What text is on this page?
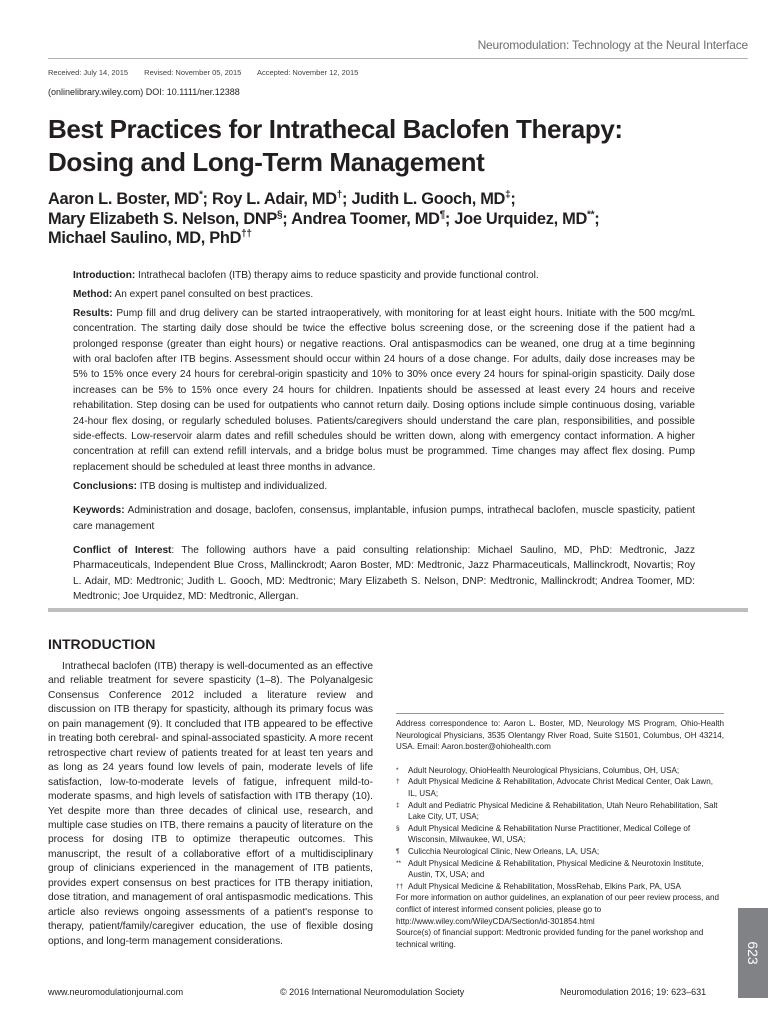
Neuromodulation: Technology at the Neural Interface
Received: July 14, 2015 Revised: November 05, 2015 Accepted: November 12, 2015
(onlinelibrary.wiley.com) DOI: 10.1111/ner.12388
Best Practices for Intrathecal Baclofen Therapy:
Dosing and Long-Term Management

Aaron L. Boster, MD*; Roy L. Adair, MD†; Judith L. Gooch, MD‡;
Mary Elizabeth S. Nelson, DNP§; Andrea Toomer, MD¶; Joe Urquidez, MD**;
Michael Saulino, MD, PhD††

Introduction: Intrathecal baclofen (ITB) therapy aims to reduce spasticity and provide functional control.

Method: An expert panel consulted on best practices.

Results: Pump fill and drug delivery can be started intraoperatively, with monitoring for at least eight hours. Initiate with the 500 mcg/mL concentration. The starting daily dose should be twice the effective bolus screening dose, or the screening dose if the patient had a prolonged response (greater than eight hours) or negative reactions. Oral antispasmodics can be weaned, one drug at a time beginning with oral baclofen after ITB begins. Assessment should occur within 24 hours of a dose change. For adults, daily dose increases may be 5% to 15% once every 24 hours for cerebral-origin spasticity and 10% to 30% once every 24 hours for spinal-origin spasticity. Daily dose increases can be 5% to 15% once every 24 hours for children. Inpatients should be assessed at least every 24 hours and receive rehabilitation. Step dosing can be used for outpatients who cannot return daily. Dosing options include simple continuous dosing, variable 24-hour flex dosing, or regularly scheduled boluses. Patients/caregivers should understand the care plan, responsibilities, and possible side-effects. Low-reservoir alarm dates and refill schedules should be written down, along with emergency contact information. A higher concentration at refill can extend refill intervals, and a bridge bolus must be programmed. Time changes may affect flex dosing. Pump replacement should be scheduled at least three months in advance.

Conclusions: ITB dosing is multistep and individualized.

Keywords: Administration and dosage, baclofen, consensus, implantable, infusion pumps, intrathecal baclofen, muscle spasticity, patient care management

Conflict of Interest: The following authors have a paid consulting relationship: Michael Saulino, MD, PhD: Medtronic, Jazz Pharmaceuticals, Independent Blue Cross, Mallinckrodt; Aaron Boster, MD: Medtronic, Jazz Pharmaceuticals, Mallinckrodt, Novartis; Roy L. Adair, MD: Medtronic; Judith L. Gooch, MD: Medtronic; Mary Elizabeth S. Nelson, DNP: Medtronic, Mallinckrodt; Andrea Toomer, MD: Medtronic; Joe Urquidez, MD: Medtronic, Allergan.

INTRODUCTION

Intrathecal baclofen (ITB) therapy is well-documented as an effective and reliable treatment for severe spasticity (1–8). The Polyanalgesic Consensus Conference 2012 included a literature review and discussion on ITB therapy for spasticity, although its primary focus was on pain management (9). It concluded that ITB appeared to be effective in treating both cerebral- and spinal-associated spasticity. A more recent retrospective chart review of patients treated for at least ten years and as long as 24 years found low levels of pain, moderate levels of life satisfaction, low-to-moderate levels of fatigue, infrequent mild-to-moderate spasms, and high levels of satisfaction with ITB therapy (10). Yet despite more than three decades of clinical use, research, and multiple case studies on ITB, there remains a paucity of literature on the process for dosing ITB to optimize therapeutic outcomes. This manuscript, the result of a collaborative effort of a multidisciplinary group of clinicians experienced in the management of ITB patients, provides expert consensus on best practices for ITB therapy initiation, dose titration, and management of oral antispasmodic medications. This article also reviews ongoing assessments of a patient's response to therapy, patient/family/caregiver education, the use of flexible dosing options, and long-term management considerations.

Address correspondence to: Aaron L. Boster, MD, Neurology MS Program, Ohio-Health Neurological Physicians, 3535 Olentangy River Road, Suite S1501, Columbus, OH 43214, USA. Email: Aaron.boster@ohiohealth.com

* Adult Neurology, OhioHealth Neurological Physicians, Columbus, OH, USA;
† Adult Physical Medicine & Rehabilitation, Advocate Christ Medical Center, Oak Lawn, IL, USA;
‡ Adult and Pediatric Physical Medicine & Rehabilitation, Utah Neuro Rehabilitation, Salt Lake City, UT, USA;
§ Adult Physical Medicine & Rehabilitation Nurse Practitioner, Medical College of Wisconsin, Milwaukee, WI, USA;
¶ Culicchia Neurological Clinic, New Orleans, LA, USA;
** Adult Physical Medicine & Rehabilitation, Physical Medicine & Neurotoxin Institute, Austin, TX, USA; and
†† Adult Physical Medicine & Rehabilitation, MossRehab, Elkins Park, PA, USA

For more information on author guidelines, an explanation of our peer review process, and conflict of interest informed consent policies, please go to http://www.wiley.com/WileyCDA/Section/id-301854.html

Source(s) of financial support: Medtronic provided funding for the panel workshop and technical writing.	623
www.neuromodulationjournal.com	© 2016 International Neuromodulation Society	Neuromodulation 2016; 19: 623–631
